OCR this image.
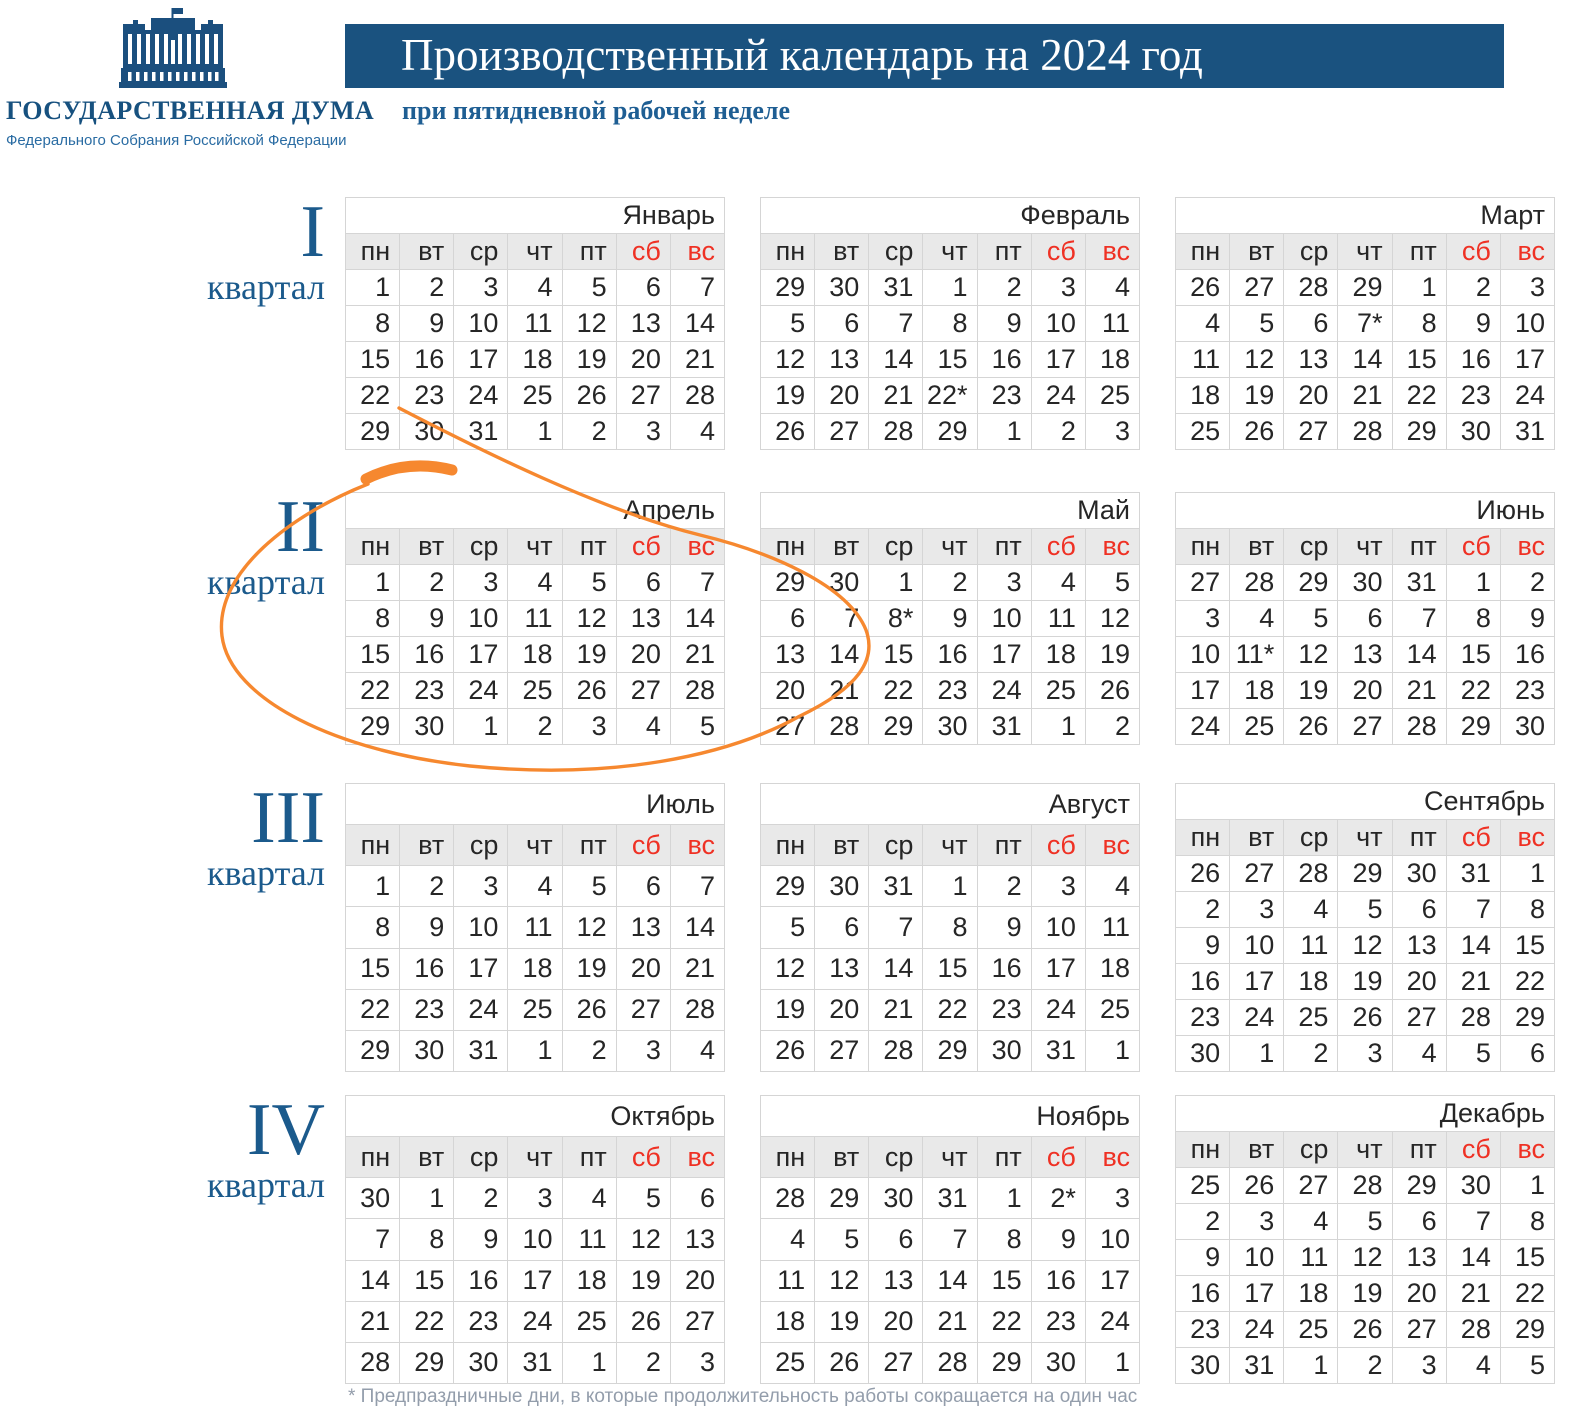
ГОСУДАРСТВЕННАЯ ДУМА
Федерального Собрания Российской Федерации
Производственный календарь на 2024 год
при пятидневной рабочей неделе
I
квартал
Январь						
пн	вт	ср	чт	пт	сб	вс
1	2	3	4	5	6	7
8	9	10	11	12	13	14
15	16	17	18	19	20	21
22	23	24	25	26	27	28
29	30	31	1	2	3	4
Февраль						
пн	вт	ср	чт	пт	сб	вс
29	30	31	1	2	3	4
5	6	7	8	9	10	11
12	13	14	15	16	17	18
19	20	21	22*	23	24	25
26	27	28	29	1	2	3
Март						
пн	вт	ср	чт	пт	сб	вс
26	27	28	29	1	2	3
4	5	6	7*	8	9	10
11	12	13	14	15	16	17
18	19	20	21	22	23	24
25	26	27	28	29	30	31
II
квартал
Апрель						
пн	вт	ср	чт	пт	сб	вс
1	2	3	4	5	6	7
8	9	10	11	12	13	14
15	16	17	18	19	20	21
22	23	24	25	26	27	28
29	30	1	2	3	4	5
Май						
пн	вт	ср	чт	пт	сб	вс
29	30	1	2	3	4	5
6	7	8*	9	10	11	12
13	14	15	16	17	18	19
20	21	22	23	24	25	26
27	28	29	30	31	1	2
Июнь						
пн	вт	ср	чт	пт	сб	вс
27	28	29	30	31	1	2
3	4	5	6	7	8	9
10	11*	12	13	14	15	16
17	18	19	20	21	22	23
24	25	26	27	28	29	30
III
квартал
Июль						
пн	вт	ср	чт	пт	сб	вс
1	2	3	4	5	6	7
8	9	10	11	12	13	14
15	16	17	18	19	20	21
22	23	24	25	26	27	28
29	30	31	1	2	3	4
Август						
пн	вт	ср	чт	пт	сб	вс
29	30	31	1	2	3	4
5	6	7	8	9	10	11
12	13	14	15	16	17	18
19	20	21	22	23	24	25
26	27	28	29	30	31	1
Сентябрь						
пн	вт	ср	чт	пт	сб	вс
26	27	28	29	30	31	1
2	3	4	5	6	7	8
9	10	11	12	13	14	15
16	17	18	19	20	21	22
23	24	25	26	27	28	29
30	1	2	3	4	5	6
IV
квартал
Октябрь						
пн	вт	ср	чт	пт	сб	вс
30	1	2	3	4	5	6
7	8	9	10	11	12	13
14	15	16	17	18	19	20
21	22	23	24	25	26	27
28	29	30	31	1	2	3
Ноябрь						
пн	вт	ср	чт	пт	сб	вс
28	29	30	31	1	2*	3
4	5	6	7	8	9	10
11	12	13	14	15	16	17
18	19	20	21	22	23	24
25	26	27	28	29	30	1
Декабрь						
пн	вт	ср	чт	пт	сб	вс
25	26	27	28	29	30	1
2	3	4	5	6	7	8
9	10	11	12	13	14	15
16	17	18	19	20	21	22
23	24	25	26	27	28	29
30	31	1	2	3	4	5
* Предпраздничные дни, в которые продолжительность работы сокращается на один час
